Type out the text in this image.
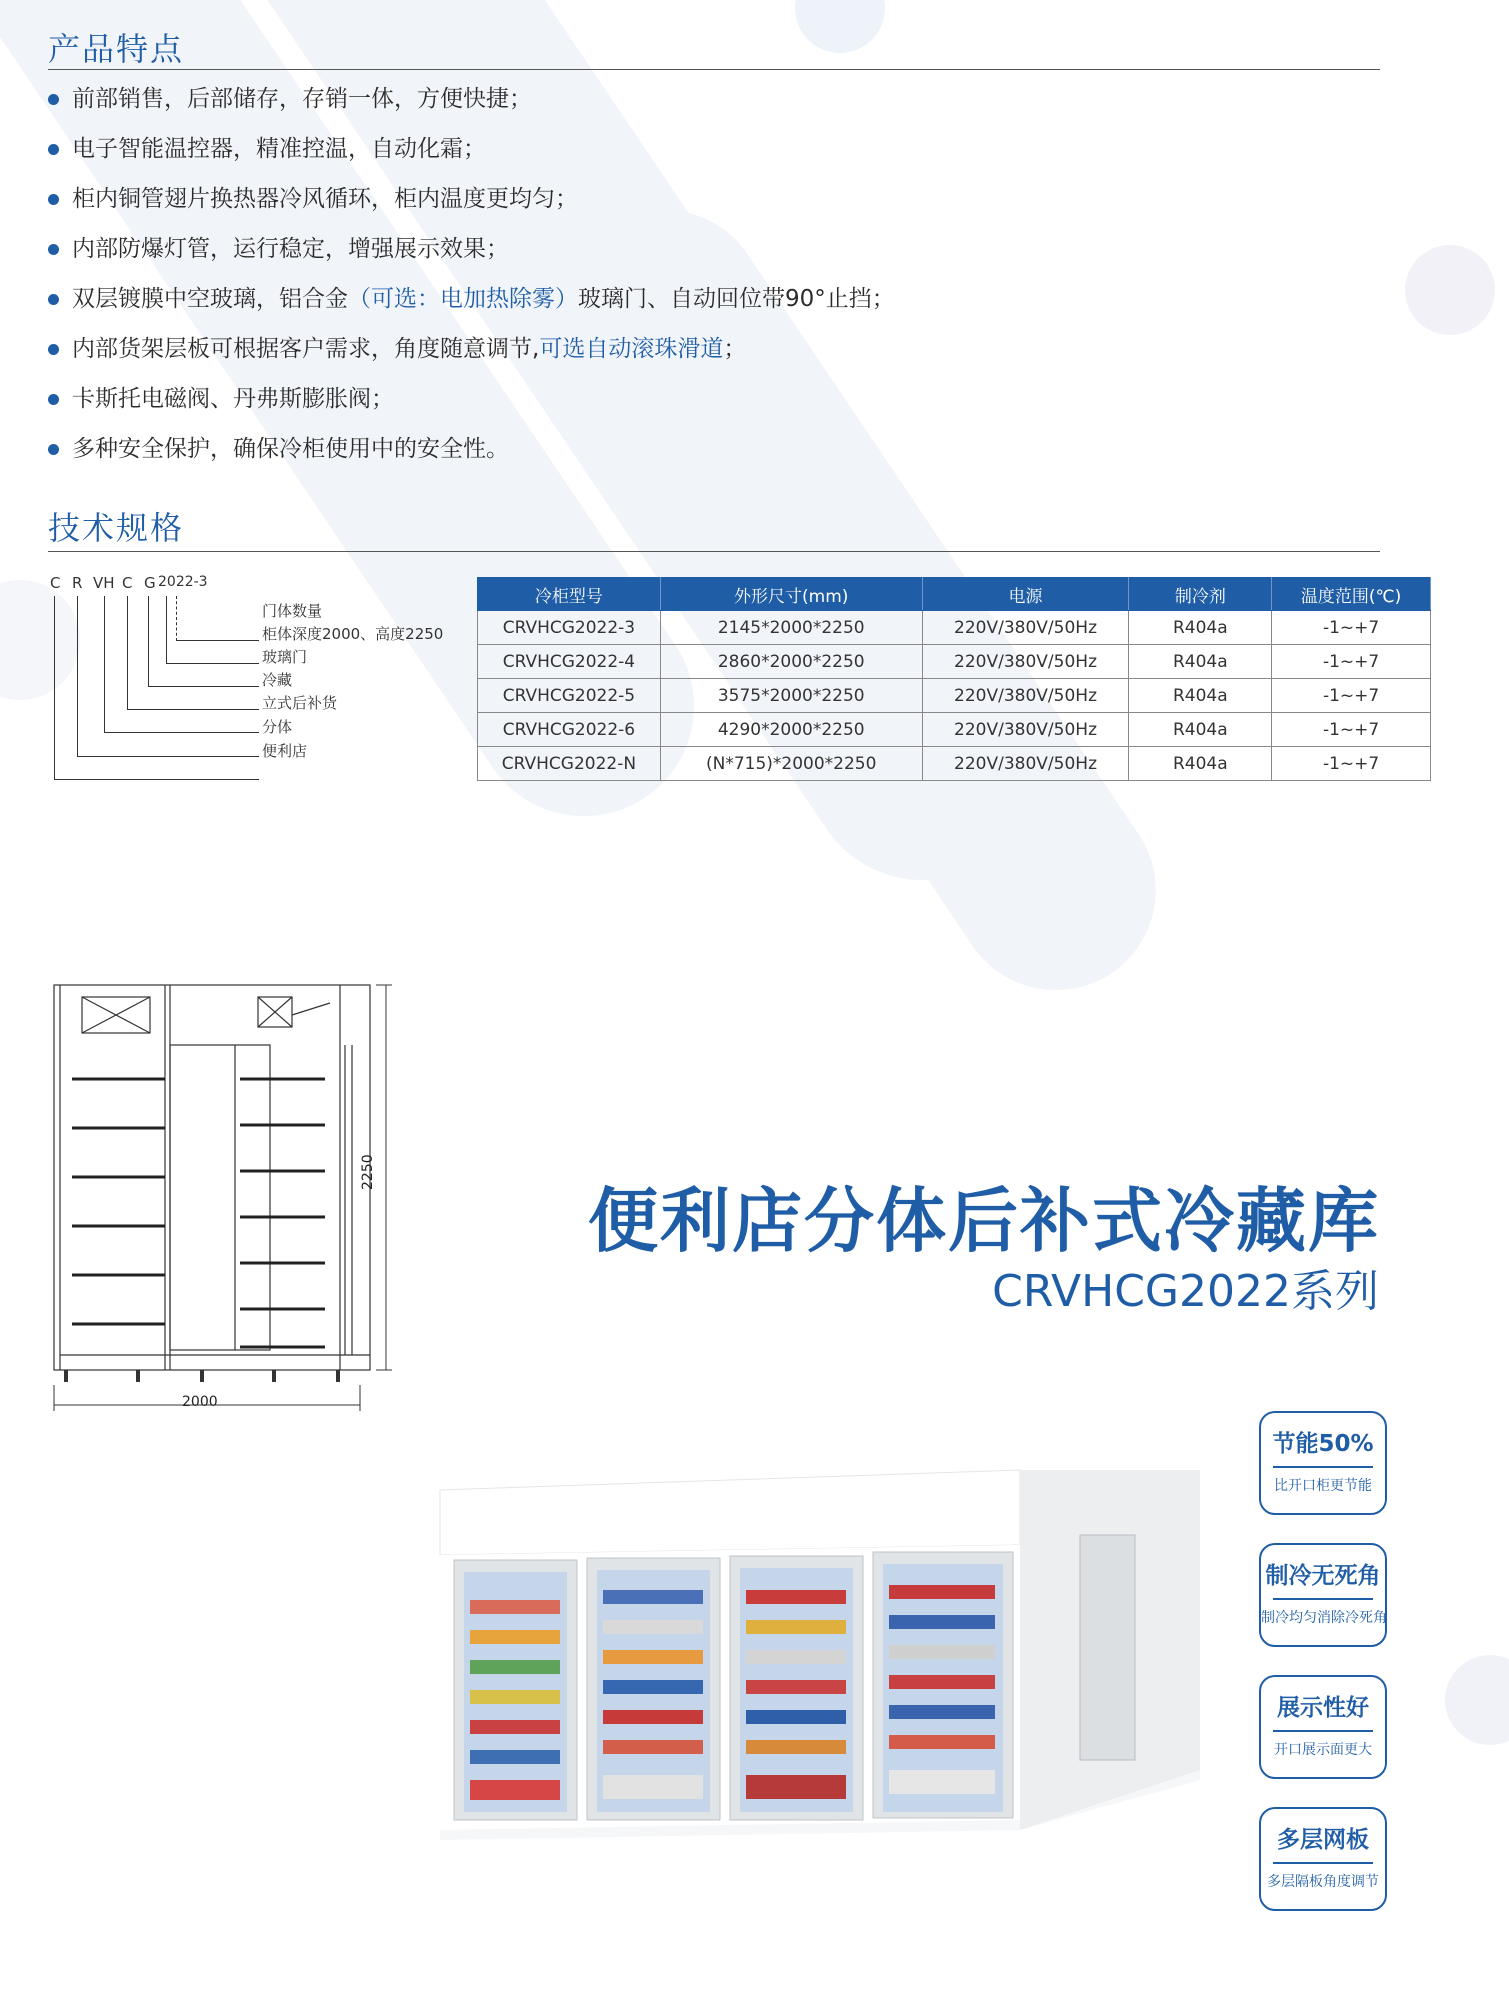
产品特点
前部销售，后部储存，存销一体，方便快捷；
电子智能温控器，精准控温，自动化霜；
柜内铜管翅片换热器冷风循环，柜内温度更均匀；
内部防爆灯管，运行稳定，增强展示效果；
双层镀膜中空玻璃，铝合金（可选：电加热除雾）玻璃门、自动回位带90°止挡；
内部货架层板可根据客户需求，角度随意调节,可选自动滚珠滑道；
卡斯托电磁阀、丹弗斯膨胀阀；
多种安全保护，确保冷柜使用中的安全性。
技术规格
C R VH C G 2022-3
门体数量
柜体深度2000、高度2250
玻璃门
冷藏
立式后补货
分体
便利店
冷柜型号	外形尺寸(mm)	电源	制冷剂	温度范围(℃)
CRVHCG2022-3	2145*2000*2250	220V/380V/50Hz	R404a	-1~+7
CRVHCG2022-4	2860*2000*2250	220V/380V/50Hz	R404a	-1~+7
CRVHCG2022-5	3575*2000*2250	220V/380V/50Hz	R404a	-1~+7
CRVHCG2022-6	4290*2000*2250	220V/380V/50Hz	R404a	-1~+7
CRVHCG2022-N	(N*715)*2000*2250	220V/380V/50Hz	R404a	-1~+7
2000
2250
便利店分体后补式冷藏库
CRVHCG2022系列
节能50%
比开口柜更节能
制冷无死角
制冷均匀消除冷死角
展示性好
开口展示面更大
多层网板
多层隔板角度调节
